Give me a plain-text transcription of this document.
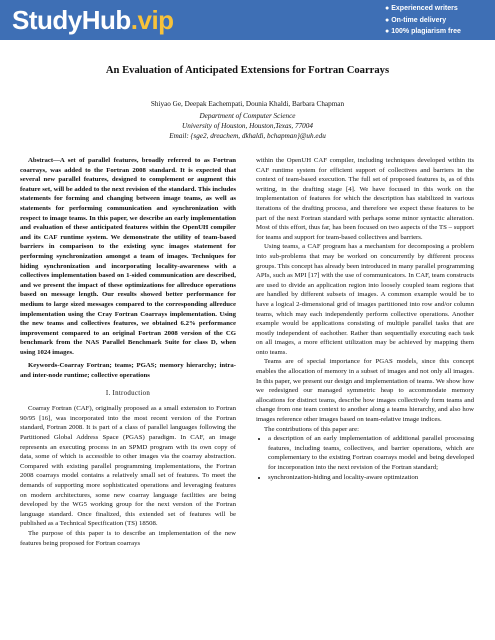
StudyHub.vip	● Experienced writers
● On-time delivery
● 100% plagiarism free
An Evaluation of Anticipated Extensions for Fortran Coarrays
Shiyao Ge, Deepak Eachempati, Dounia Khaldi, Barbara Chapman
Department of Computer Science
University of Houston, Houston,Texas, 77004
Email: {sge2, dreachem, dkhaldi, bchapman}@uh.edu

Abstract—A set of parallel features, broadly referred to as Fortran coarrays, was added to the Fortran 2008 standard. It is expected that several new parallel features, designed to complement or augment this feature set, will be added to the next revision of the standard. This includes statements for forming and changing between image teams, as well as statements for performing communication and synchronization with respect to image teams. In this paper, we describe an early implementation and evaluation of these anticipated features within the OpenUH compiler and its CAF runtime system. We demonstrate the utility of team-based barriers in comparison to the existing sync images statement for performing synchronization amongst a team of images. Techniques for hiding synchronization and incorporating locality-awareness with a collectives implementation based on 1-sided communication are described, and we present the impact of these optimizations for allreduce operations based on message length. Our results showed better performance for medium to large sized messages compared to the corresponding allreduce implementation using the Cray Fortran Coarrays implementation. Using the new teams and collectives features, we obtained 6.2% performance improvement compared to an original Fortran 2008 version of the CG benchmark from the NAS Parallel Benchmark Suite for class D, when using 1024 images.

Keywords-Coarray Fortran; teams; PGAS; memory hierarchy; intra- and inter-node runtime; collective operations

I. Introduction

Coarray Fortran (CAF), originally proposed as a small extension to Fortran 90/95 [16], was incorporated into the most recent version of the Fortran standard, Fortran 2008. It is part of a class of parallel languages following the Partitioned Global Address Space (PGAS) paradigm. In CAF, an image represents an executing process in an SPMD program with its own copy of data, some of which is accessible to other images via the coarray abstraction. Compared with existing parallel programming implementations, the Fortran 2008 coarrays model contains a relatively small set of features. To meet the demands of supporting more sophisticated operations and leveraging features on modern architectures, some new coarray language facilities are being developed by the WG5 working group for the next version of the Fortran language standard. Once finalized, this extended set of features will be published as a Technical Specification (TS) 18508.

The purpose of this paper is to describe an implementation of the new features being proposed for Fortran coarrays

within the OpenUH CAF compiler, including techniques developed within its CAF runtime system for efficient support of collectives and barriers in the context of team-based execution. The full set of proposed features is, as of this writing, in the drafting stage [4]. We have focused in this work on the implementation of features for which the description has stabilized in various iterations of the drafting process, and therefore we expect these features to be part of the next Fortran standard with perhaps some minor syntactic alteration. Most of this effort, thus far, has been focused on two aspects of the TS – support for teams and support for team-based collectives and barriers.

Using teams, a CAF program has a mechanism for decomposing a problem into sub-problems that may be worked on concurrently by different process groups. This concept has already been introduced in many parallel programming APIs, such as MPI [17] with the use of communicators. In CAF, team constructs are used to divide an application region into loosely coupled team regions that are handled by different subsets of images. A common example would be to have a logical 2-dimensional grid of images partitioned into row and/or column teams, which may each independently perform collective operations. Another example would be applications consisting of multiple parallel tasks that are mostly independent of eachother. Rather than sequentially executing each task on all images, a more efficient utilization may be achieved by mapping them onto teams.

Teams are of special importance for PGAS models, since this concept enables the allocation of memory in a subset of images and not only all images. In this paper, we present our design and implementation of teams. We show how we redesigned our managed symmetric heap to accommodate memory allocations for distinct teams, describe how images collectively form teams and change from one team context to another along a teams hierarchy, and also how images reference other images based on team-relative image indices.

The contributions of this paper are:

• a description of an early implementation of additional parallel processing features, including teams, collectives, and barrier operations, which are complementary to the existing Fortran coarrays model and being developed for incorporation into the next revision of the Fortran standard;
• synchronization-hiding and locality-aware optimization
